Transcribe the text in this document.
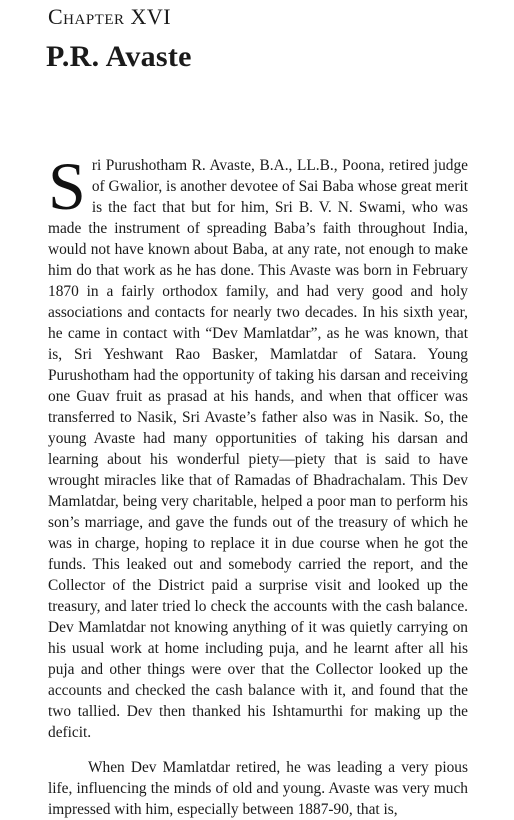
Chapter XVI
P.R. Avaste

Sri Purushotham R. Avaste, B.A., LL.B., Poona, retired judge of Gwalior, is another devotee of Sai Baba whose great merit is the fact that but for him, Sri B. V. N. Swami, who was made the instrument of spreading Baba’s faith throughout India, would not have known about Baba, at any rate, not enough to make him do that work as he has done. This Avaste was born in February 1870 in a fairly orthodox family, and had very good and holy associations and contacts for nearly two decades. In his sixth year, he came in contact with “Dev Mamlatdar”, as he was known, that is, Sri Yeshwant Rao Basker, Mamlatdar of Satara. Young Purushotham had the opportunity of taking his darsan and receiving one Guav fruit as prasad at his hands, and when that officer was transferred to Nasik, Sri Avaste’s father also was in Nasik. So, the young Avaste had many opportunities of taking his darsan and learning about his wonderful piety—piety that is said to have wrought miracles like that of Ramadas of Bhadrachalam. This Dev Mamlatdar, being very charitable, helped a poor man to perform his son’s marriage, and gave the funds out of the treasury of which he was in charge, hoping to replace it in due course when he got the funds. This leaked out and somebody carried the report, and the Collector of the District paid a surprise visit and looked up the treasury, and later tried lo check the accounts with the cash balance. Dev Mamlatdar not knowing anything of it was quietly carrying on his usual work at home including puja, and he learnt after all his puja and other things were over that the Collector looked up the accounts and checked the cash balance with it, and found that the two tallied. Dev then thanked his Ishtamurthi for making up the deficit.

When Dev Mamlatdar retired, he was leading a very pious life, influencing the minds of old and young. Avaste was very much impressed with him, especially between 1887-90, that is,
